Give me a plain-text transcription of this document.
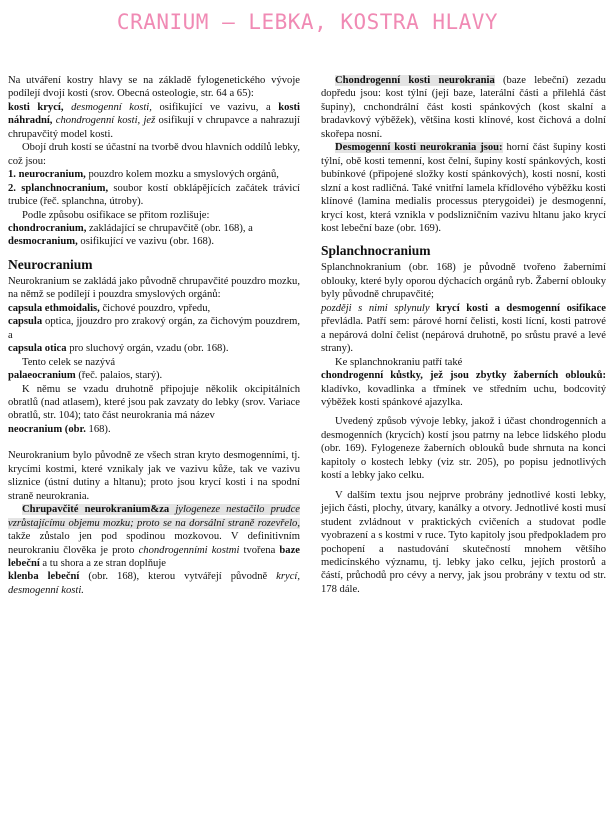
CRANIUM – LEBKA, KOSTRA HLAVY

Na utváření kostry hlavy se na základě fylogenetického vývoje podílejí dvojí kosti (srov. Obecná osteologie, str. 64 a 65):

kosti krycí, desmogenní kosti, osifikující ve vazivu, a kosti náhradní, chondrogenní kosti, jež osifikují v chrupavce a nahrazují chrupavčitý model kosti.

Obojí druh kostí se účastní na tvorbě dvou hlavních oddílů lebky, což jsou:

1. neurocranium, pouzdro kolem mozku a smyslových orgánů,

2. splanchnocranium, soubor kostí obklápějících začátek trávicí trubice (řeč. splanchna, útroby).

Podle způsobu osifikace se přitom rozlišuje:

chondrocranium, zakládající se chrupavčitě (obr. 168), a

desmocranium, osifikující ve vazivu (obr. 168).

Neurocranium

Neurokranium se zakládá jako původně chrupavčité pouzdro mozku, na němž se podílejí i pouzdra smyslových orgánů:

capsula ethmoidalis, čichové pouzdro, vpředu,

capsula optica, jjouzdro pro zrakový orgán, za čichovým pouzdrem, a

capsula otica pro sluchový orgán, vzadu (obr. 168).

Tento celek se nazývá

palaeocranium (řeč. palaios, starý).

K němu se vzadu druhotně připojuje několik okcipitálních obratlů (nad atlasem), které jsou pak zavzaty do lebky (srov. Variace obratlů, str. 104); tato část neurokrania má název

neocranium (obr. 168).

Neurokranium bylo původně ze všech stran kryto desmogenními, tj. krycími kostmi, které vznikaly jak ve vazivu kůže, tak ve vazivu sliznice (ústní dutiny a hltanu); proto jsou krycí kosti i na spodní straně neurokrania.

Chrupavčité neurokranium&za jylogeneze nestačilo prudce vzrůstajícímu objemu mozku; proto se na dorsální straně rozevřelo, takže zůstalo jen pod spodinou mozkovou. V definitivním neurokraniu člověka je proto chondrogenními kostmi tvořena baze lebeční a tu shora a ze stran doplňuje

klenba lebeční (obr. 168), kterou vytvářejí původně krycí, desmogenní kosti.

Chondrogenní kosti neurokrania (baze lebeční) zezadu dopředu jsou: kost týlní (její baze, laterální části a přilehlá část šupiny), cnchondrální část kosti spánkových (kost skalní a bradavkový výběžek), většina kosti klínové, kost čichová a dolní skořepa nosní.

Desmogenní kosti neurokrania jsou: horní část šupiny kosti týlní, obě kosti temenní, kost čelní, šupiny kostí spánkových, kosti bubínkové (připojené složky kostí spánkových), kosti nosní, kosti slzní a kost radličná. Také vnitřní lamela křídlového výběžku kosti klínové (lamina medialis processus pterygoidei) je desmogenní, krycí kost, která vznikla v podslizničním vazivu hltanu jako krycí kost lebeční baze (obr. 169).

Splanchnocranium

Splanchnokranium (obr. 168) je původně tvořeno žabernímí oblouky, které byly oporou dýchacích orgánů ryb. Žaberní oblouky byly původně chrupavčité;

později s nimi splynuly krycí kosti a desmogenní osifikace převládla. Patří sem: párové horní čelisti, kosti lícní, kosti patrové a nepárová dolní čelist (nepárová druhotně, po srůstu pravé a levé strany).

Ke splanchnokraniu patří také

chondrogenní kůstky, jež jsou zbytky žaberních oblouků: kladívko, kovadlinka a třmínek ve středním uchu, bodcovitý výběžek kosti spánkové ajazylka.

Uvedený způsob vývoje lebky, jakož i účast chondrogenních a desmogenních (krycích) kostí jsou patrny na lebce lidského plodu (obr. 169). Fylogeneze žaberních oblouků bude shrnuta na konci kapitoly o kostech lebky (viz str. 205), po popisu jednotlivých kostí a lebky jako celku.

V dalším textu jsou nejprve probrány jednotlivé kosti lebky, jejich části, plochy, útvary, kanálky a otvory. Jednotlivé kosti musí student zvládnout v praktických cvičeních a studovat podle vyobrazení a s kostmi v ruce. Tyto kapitoly jsou předpokladem pro pochopení a nastudování skutečností mnohem většího medicínského významu, tj. lebky jako celku, jejích prostorů a částí, průchodů pro cévy a nervy, jak jsou probrány v textu od str. 178 dále.
